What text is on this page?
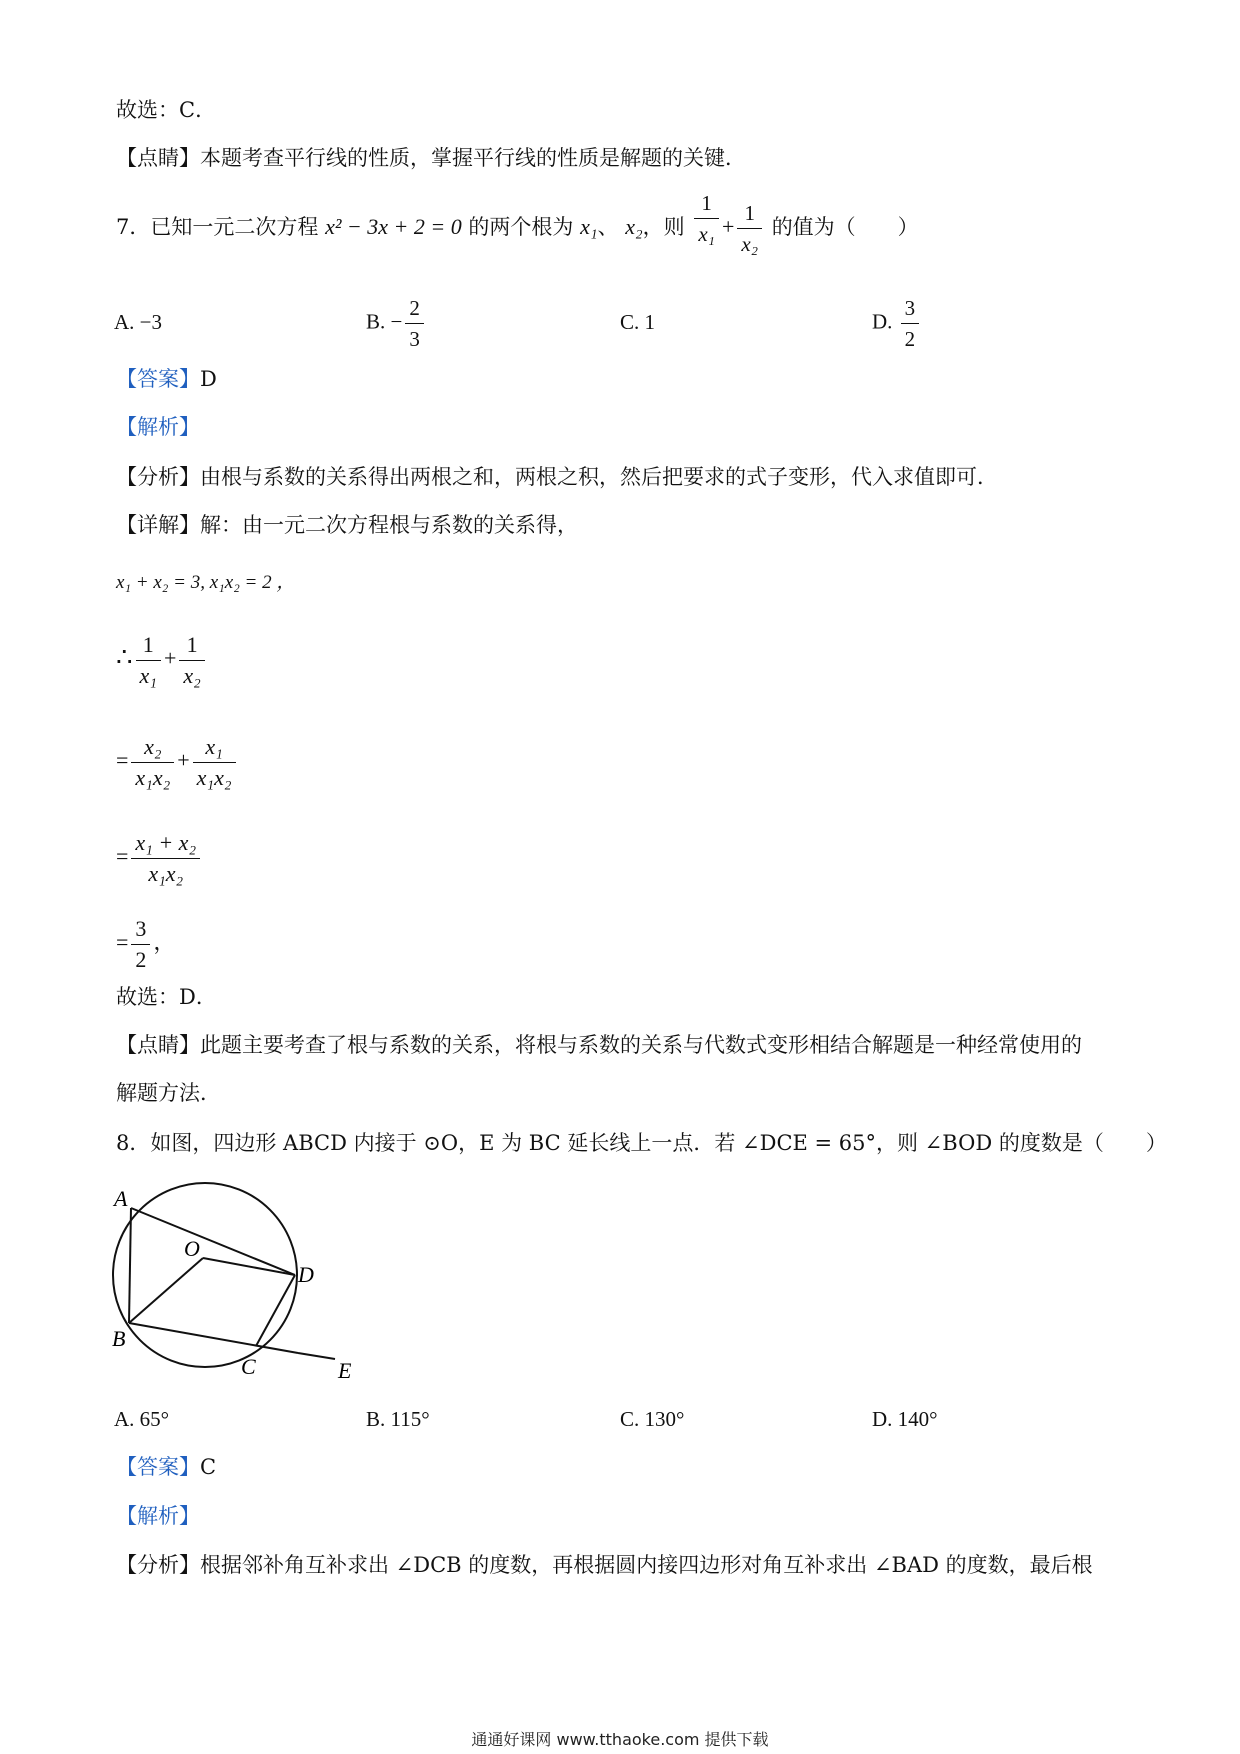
故选：C．
【点睛】本题考查平行线的性质，掌握平行线的性质是解题的关键．
7．已知一元二次方程 x² − 3x + 2 = 0 的两个根为 x₁、 x₂，则 $\frac{1}{\text{x₁}} + \frac{1}{\text{x₂}}$ 的值为（　　）
A. −3	B. − $\frac{2}{3}$	C. 1	D. $\frac{3}{2}$
【答案】D
【解析】
【分析】由根与系数的关系得出两根之和，两根之积，然后把要求的式子变形，代入求值即可．
【详解】解：由一元二次方程根与系数的关系得，
x₁ + x₂ = 3, x₁x₂ = 2 ，
∴ $\frac{1}{\text{x₁}} + \frac{1}{\text{x₂}}$
= $\frac{\text{x₂}}{\text{x₁x₂}} + \frac{\text{x₁}}{\text{x₁x₂}}$
= $\frac{\text{x₁ + x₂}}{\text{x₁x₂}}$
= $\frac{3}{2}$ ，
故选：D．
【点睛】此题主要考查了根与系数的关系，将根与系数的关系与代数式变形相结合解题是一种经常使用的
解题方法．
8．如图，四边形 ABCD 内接于 ⊙O，E 为 BC 延长线上一点．若 ∠DCE = 65°，则 ∠BOD 的度数是（　　）
A
O
D
B
C	E
A. 65°	B. 115°	C. 130°	D. 140°
【答案】C
【解析】
【分析】根据邻补角互补求出 ∠DCB 的度数，再根据圆内接四边形对角互补求出 ∠BAD 的度数，最后根
通通好课网 www.tthaoke.com 提供下载
